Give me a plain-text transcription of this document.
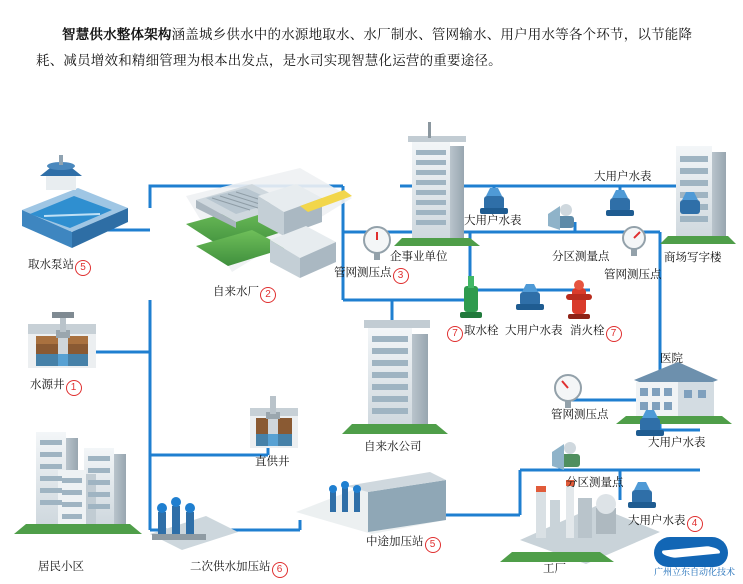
智慧供水整体架构涵盖城乡供水中的水源地取水、水厂制水、管网输水、用户用水等各个环节，以节能降
耗、减员增效和精细管理为根本出发点，是水司实现智慧化运营的重要途径。
取水泵站 5
自来水厂 2
水源井 1
居民小区	二次供水加压站 6
直供井
中途加压站 5
自来水公司
企事业单位	商场写字楼
医院
工厂
管网测压点 3
大用户水表
分区测量点
大用户水表
管网测压点
7 取水栓 大用户水表 消火栓 7
管网测压点
大用户水表
分区测量点
大用户水表 4
广州立东自动化技术
